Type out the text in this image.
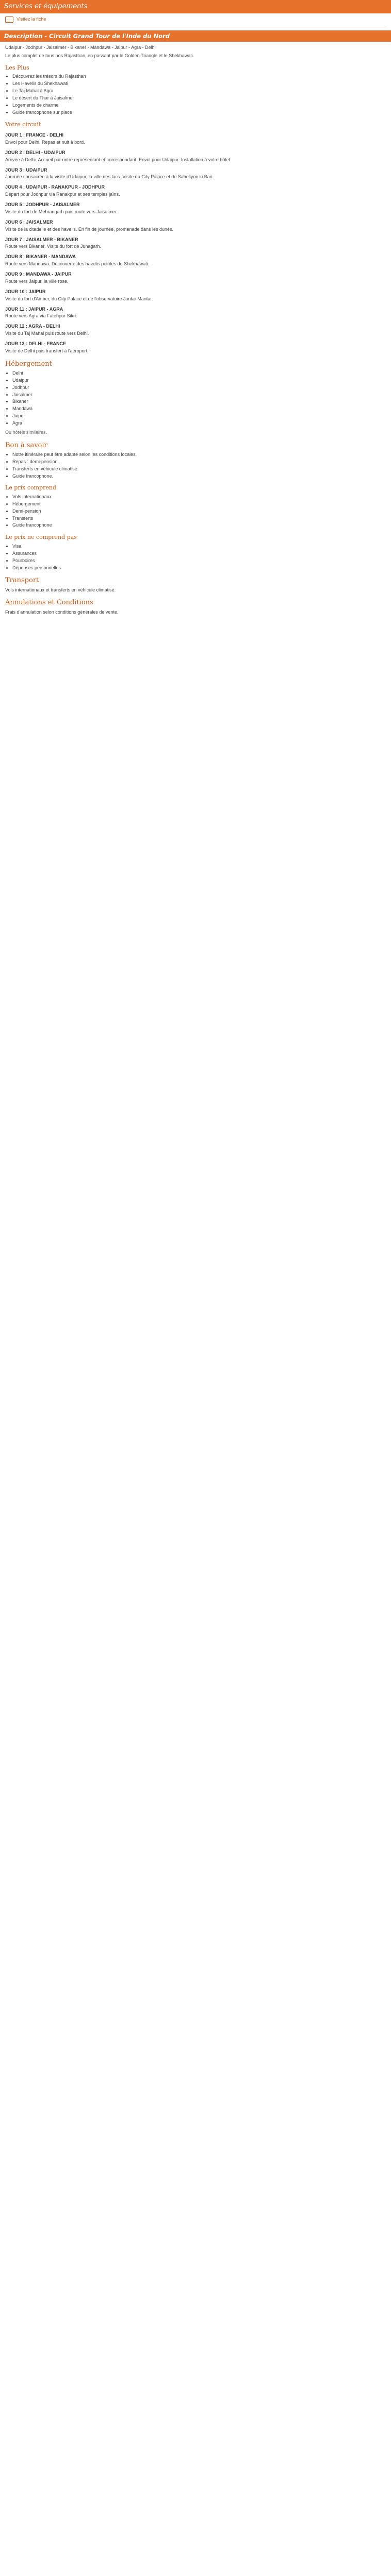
Services et équipements
Visitez la fiche
Description - Circuit Grand Tour de l'Inde du Nord

Udaipur - Jodhpur - Jaisalmer - Bikaner - Mandawa - Jaipur - Agra - Delhi

Le plus complet de tous nos Rajasthan, en passant par le Golden Triangle et le Shekhawati

Les Plus
• Découvrez les trésors du Rajasthan
• Les Havelis du Shekhawati
• Le Taj Mahal à Agra
• Le désert du Thar à Jaisalmer
• Logements de charme
• Guide francophone sur place
Votre circuit
JOUR 1 : FRANCE - DELHI

Envol pour Delhi. Repas et nuit à bord.

JOUR 2 : DELHI - UDAIPUR

Arrivée à Delhi. Accueil par notre représentant et correspondant. Envol pour Udaipur. Installation à votre hôtel.

JOUR 3 : UDAIPUR

Journée consacrée à la visite d'Udaipur, la ville des lacs. Visite du City Palace et de Saheliyon ki Bari.

JOUR 4 : UDAIPUR - RANAKPUR - JODHPUR

Départ pour Jodhpur via Ranakpur et ses temples jaïns.

JOUR 5 : JODHPUR - JAISALMER

Visite du fort de Mehrangarh puis route vers Jaisalmer.

JOUR 6 : JAISALMER

Visite de la citadelle et des havelis. En fin de journée, promenade dans les dunes.

JOUR 7 : JAISALMER - BIKANER

Route vers Bikaner. Visite du fort de Junagarh.

JOUR 8 : BIKANER - MANDAWA

Route vers Mandawa. Découverte des havelis peintes du Shekhawati.

JOUR 9 : MANDAWA - JAIPUR

Route vers Jaipur, la ville rose.

JOUR 10 : JAIPUR

Visite du fort d'Amber, du City Palace et de l'observatoire Jantar Mantar.

JOUR 11 : JAIPUR - AGRA

Route vers Agra via Fatehpur Sikri.

JOUR 12 : AGRA - DELHI

Visite du Taj Mahal puis route vers Delhi.

JOUR 13 : DELHI - FRANCE

Visite de Delhi puis transfert à l'aéroport.

Hébergement
• Delhi
• Udaipur
• Jodhpur
• Jaisalmer
• Bikaner
• Mandawa
• Jaipur
• Agra

Ou hôtels similaires.

Bon à savoir
• Notre itinéraire peut être adapté selon les conditions locales.
• Repas : demi-pension.
• Transferts en véhicule climatisé.
• Guide francophone.
Le prix comprend
• Vols internationaux
• Hébergement
• Demi-pension
• Transferts
• Guide francophone
Le prix ne comprend pas
• Visa
• Assurances
• Pourboires
• Dépenses personnelles
Transport

Vols internationaux et transferts en véhicule climatisé.

Annulations et Conditions

Frais d'annulation selon conditions générales de vente.
